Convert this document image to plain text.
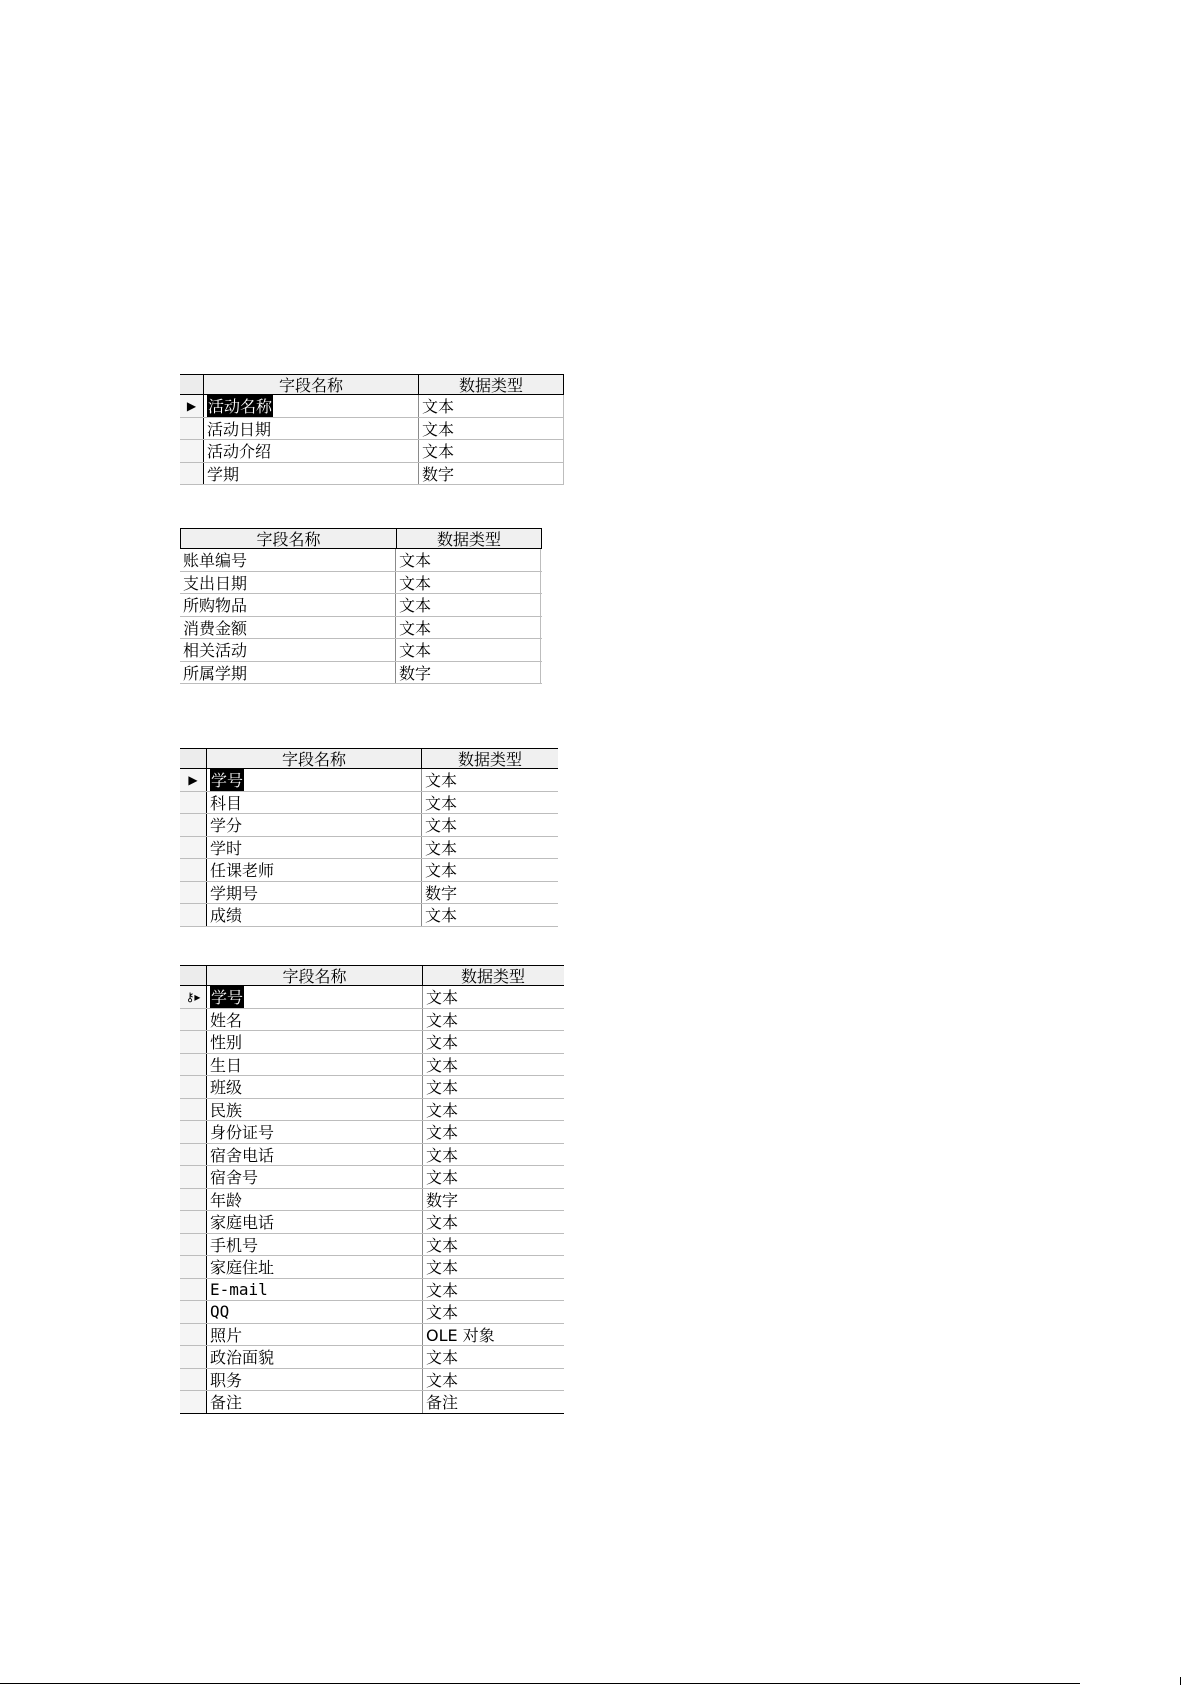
字段名称	数据类型
▶ 活动名称	文本
活动日期	文本
活动介绍	文本
学期	数字
字段名称	数据类型
账单编号	文本
支出日期	文本
所购物品	文本
消费金额	文本
相关活动	文本
所属学期	数字
字段名称	数据类型
▶ 学号	文本
科目	文本
学分	文本
学时	文本
任课老师	文本
学期号	数字
成绩	文本
字段名称	数据类型
⚷▸ 学号	文本
姓名	文本
性别	文本
生日	文本
班级	文本
民族	文本
身份证号	文本
宿舍电话	文本
宿舍号	文本
年龄	数字
家庭电话	文本
手机号	文本
家庭住址	文本
E-mail	文本
QQ	文本
照片	OLE 对象
政治面貌	文本
职务	文本
备注	备注
